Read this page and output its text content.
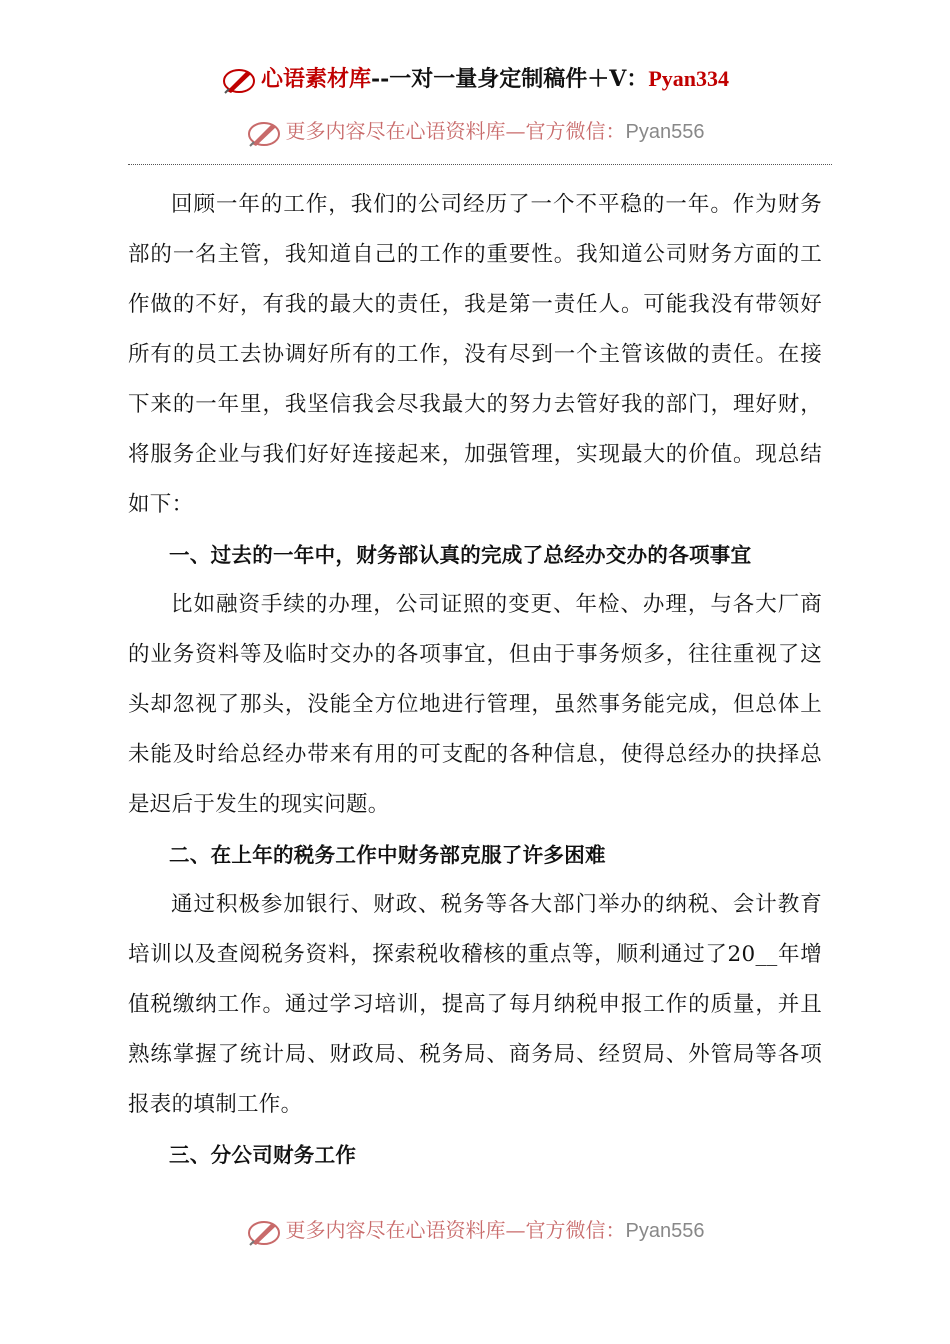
心语素材库--一对一量身定制稿件＋V：Pyan334
更多内容尽在心语资料库—官方微信：Pyan556

回顾一年的工作，我们的公司经历了一个不平稳的一年。作为财务部的一名主管，我知道自己的工作的重要性。我知道公司财务方面的工作做的不好，有我的最大的责任，我是第一责任人。可能我没有带领好所有的员工去协调好所有的工作，没有尽到一个主管该做的责任。在接下来的一年里，我坚信我会尽我最大的努力去管好我的部门，理好财，将服务企业与我们好好连接起来，加强管理，实现最大的价值。现总结如下：

一、过去的一年中，财务部认真的完成了总经办交办的各项事宜

比如融资手续的办理，公司证照的变更、年检、办理，与各大厂商的业务资料等及临时交办的各项事宜，但由于事务烦多，往往重视了这头却忽视了那头，没能全方位地进行管理，虽然事务能完成，但总体上未能及时给总经办带来有用的可支配的各种信息，使得总经办的抉择总是迟后于发生的现实问题。

二、在上年的税务工作中财务部克服了许多困难

通过积极参加银行、财政、税务等各大部门举办的纳税、会计教育培训以及查阅税务资料，探索税收稽核的重点等，顺利通过了20__年增值税缴纳工作。通过学习培训，提高了每月纳税申报工作的质量，并且熟练掌握了统计局、财政局、税务局、商务局、经贸局、外管局等各项报表的填制工作。

三、分公司财务工作

更多内容尽在心语资料库—官方微信：Pyan556
